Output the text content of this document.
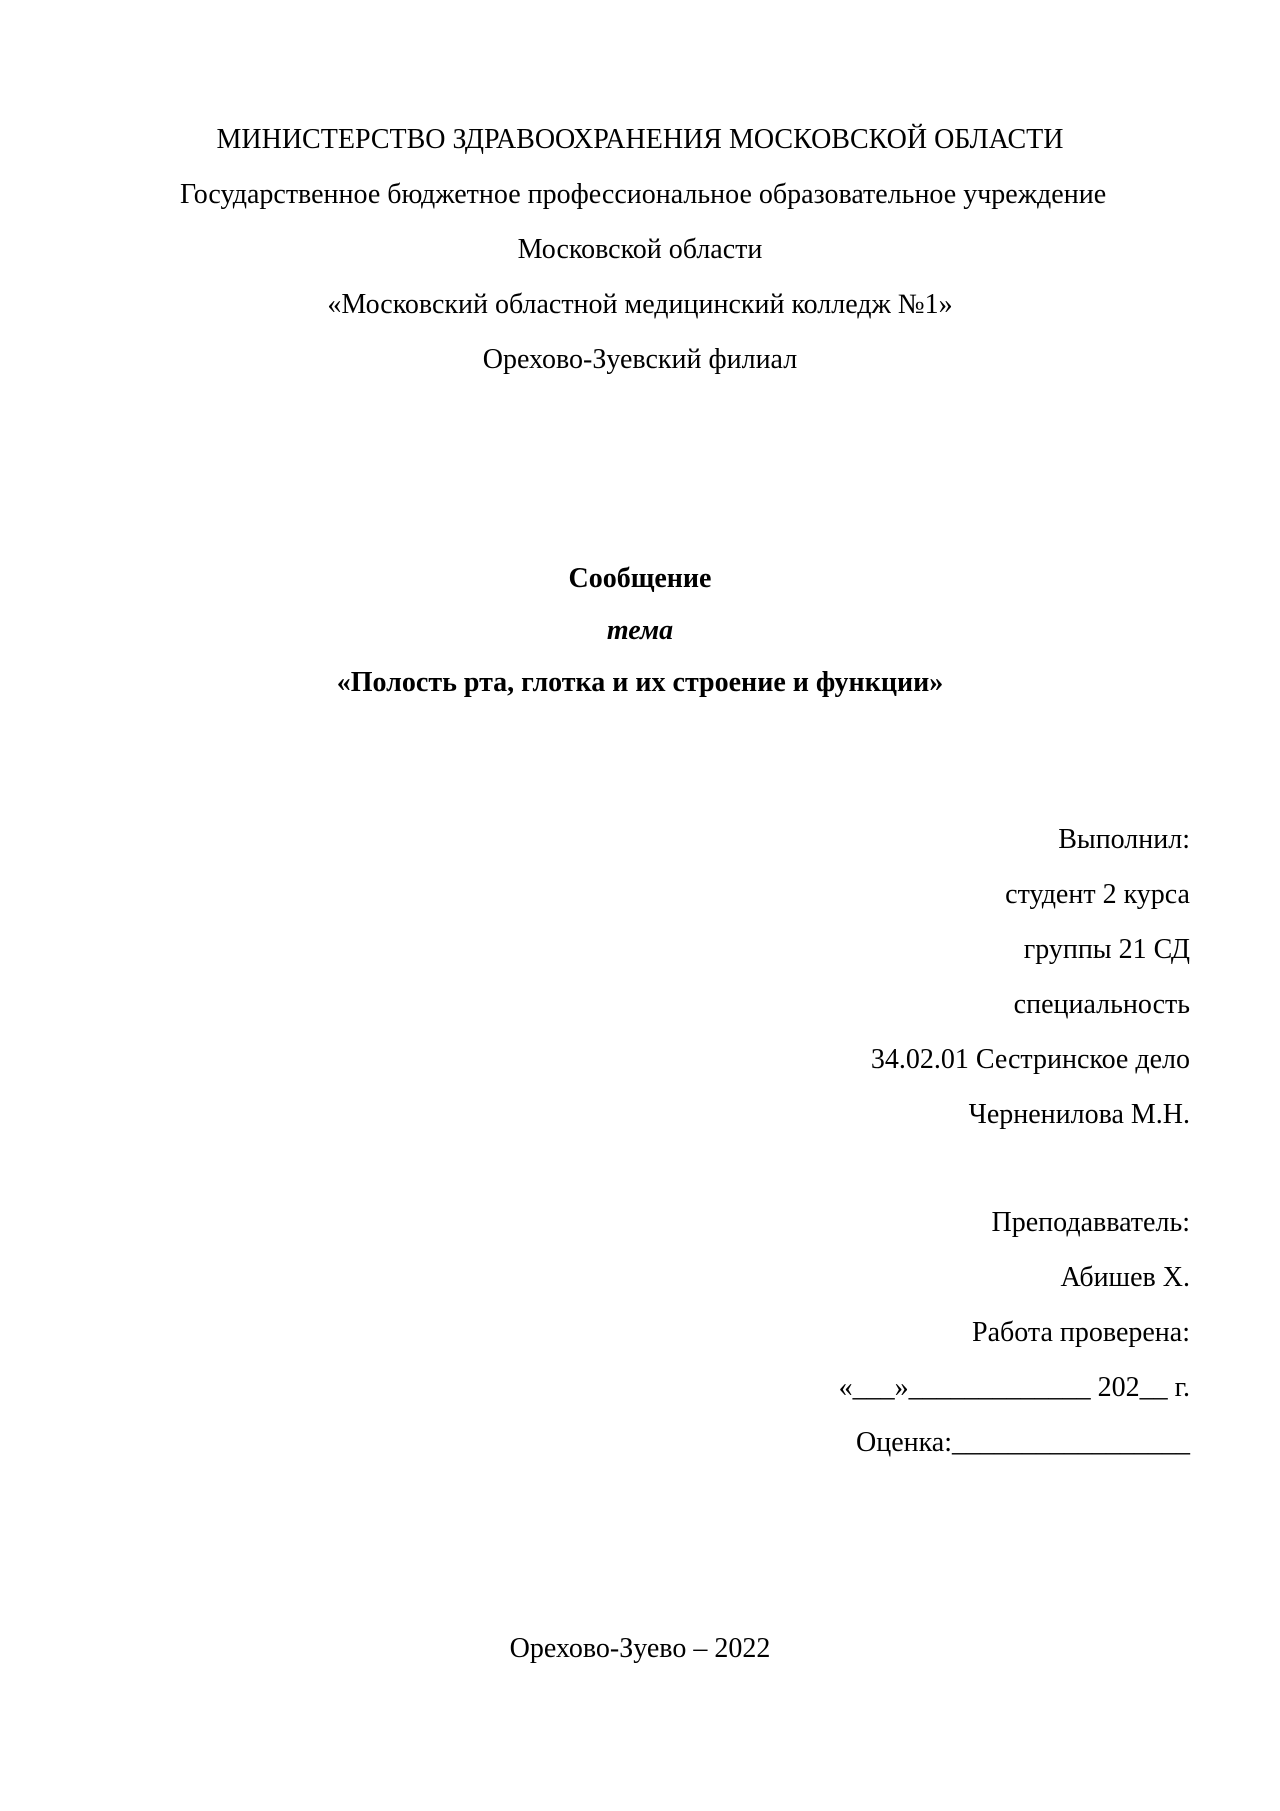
МИНИСТЕРСТВО ЗДРАВООХРАНЕНИЯ МОСКОВСКОЙ ОБЛАСТИ
Государственное бюджетное профессиональное образовательное учреждение
Московской области
«Московский областной медицинский колледж №1»
Орехово-Зуевский филиал
Сообщение
тема
«Полость рта, глотка и их строение и функции»
Выполнил:
студент 2 курса
группы 21 СД
специальность
34.02.01 Сестринское дело
Черненилова М.Н.
Преподавватель:
Абишев Х.
Работа проверена:
«___»_____________ 202__ г.
Оценка:_________________
Орехово-Зуево – 2022
